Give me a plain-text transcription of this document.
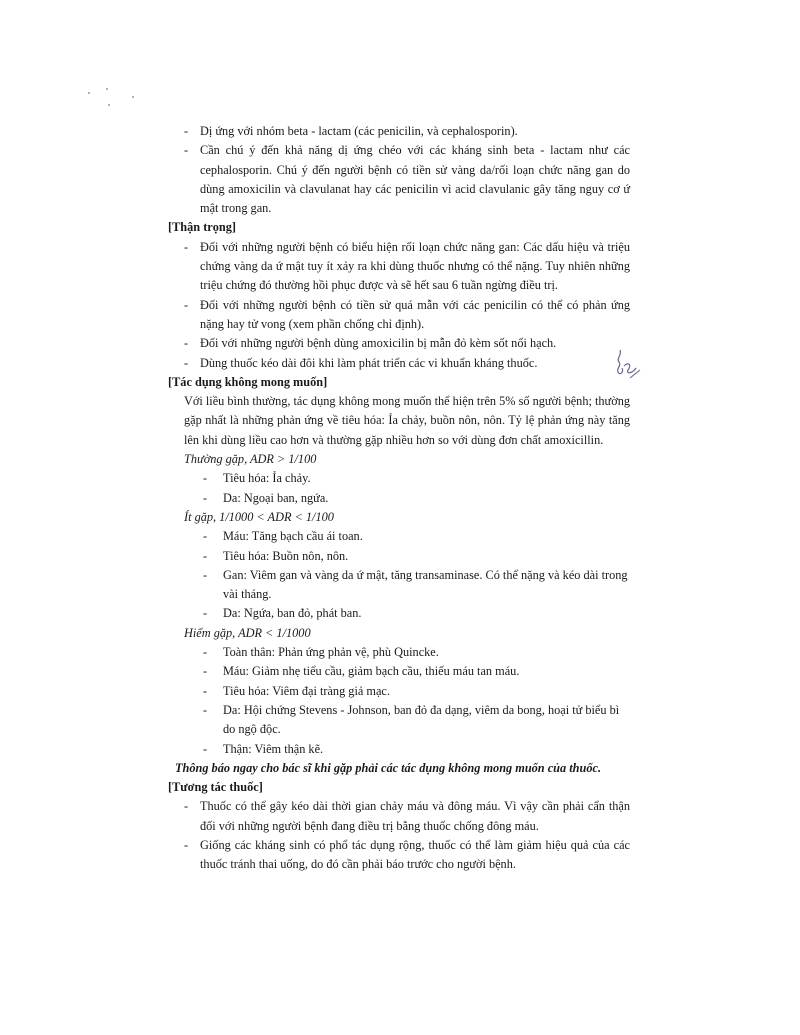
- Dị ứng với nhóm beta - lactam (các penicilin, và cephalosporin).
- Cần chú ý đến khả năng dị ứng chéo với các kháng sinh beta - lactam như các cephalosporin. Chú ý đến người bệnh có tiền sử vàng da/rối loạn chức năng gan do dùng amoxicilin và clavulanat hay các penicilin vì acid clavulanic gây tăng nguy cơ ứ mật trong gan.
[Thận trọng]
- Đối với những người bệnh có biểu hiện rối loạn chức năng gan: Các dấu hiệu và triệu chứng vàng da ứ mật tuy ít xảy ra khi dùng thuốc nhưng có thể nặng. Tuy nhiên những triệu chứng đó thường hồi phục được và sẽ hết sau 6 tuần ngừng điều trị.
- Đối với những người bệnh có tiền sử quá mẫn với các penicilin có thể có phản ứng nặng hay tử vong (xem phần chống chỉ định).
- Đối với những người bệnh dùng amoxicilin bị mẫn đỏ kèm sốt nổi hạch.
- Dùng thuốc kéo dài đôi khi làm phát triển các vi khuẩn kháng thuốc.
[Tác dụng không mong muốn]
Với liều bình thường, tác dụng không mong muốn thể hiện trên 5% số người bệnh; thường gặp nhất là những phản ứng về tiêu hóa: Ỉa chảy, buồn nôn, nôn. Tỷ lệ phản ứng này tăng lên khi dùng liều cao hơn và thường gặp nhiều hơn so với dùng đơn chất amoxicillin.
Thường gặp, ADR > 1/100
- Tiêu hóa: Ỉa chảy.
- Da: Ngoại ban, ngứa.
Ít gặp, 1/1000 < ADR < 1/100
- Máu: Tăng bạch cầu ái toan.
- Tiêu hóa: Buồn nôn, nôn.
- Gan: Viêm gan và vàng da ứ mật, tăng transaminase. Có thể nặng và kéo dài trong vài tháng.
- Da: Ngứa, ban đỏ, phát ban.
Hiếm gặp, ADR < 1/1000
- Toàn thân: Phản ứng phản vệ, phù Quincke.
- Máu: Giảm nhẹ tiểu cầu, giảm bạch cầu, thiếu máu tan máu.
- Tiêu hóa: Viêm đại tràng giả mạc.
- Da: Hội chứng Stevens - Johnson, ban đỏ đa dạng, viêm da bong, hoại tử biểu bì do ngộ độc.
- Thận: Viêm thận kẽ.
Thông báo ngay cho bác sĩ khi gặp phải các tác dụng không mong muốn của thuốc.
[Tương tác thuốc]
- Thuốc có thể gây kéo dài thời gian chảy máu và đông máu. Vì vậy cần phải cẩn thận đối với những người bệnh đang điều trị bằng thuốc chống đông máu.
- Giống các kháng sinh có phổ tác dụng rộng, thuốc có thể làm giảm hiệu quả của các thuốc tránh thai uống, do đó cần phải báo trước cho người bệnh.
